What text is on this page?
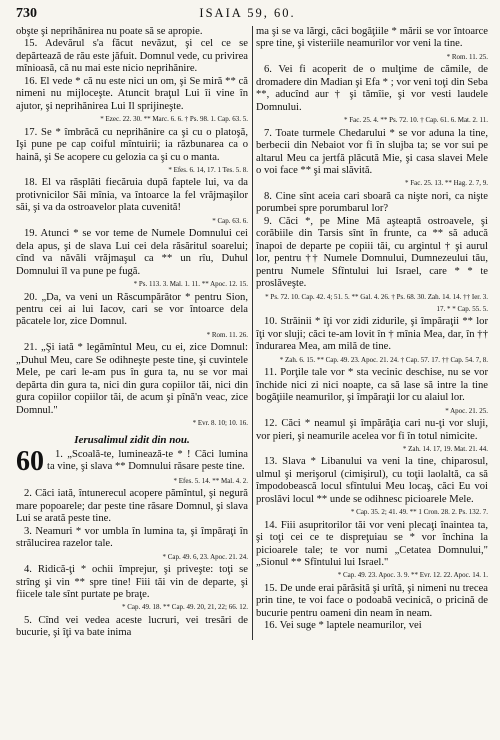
730	ISAIA 59, 60.

obşte şi neprihănirea nu poate să se apropie.

15. Adevărul s'a făcut nevăzut, şi cel ce se depărtează de rău este jăfuit. Domnul vede, cu privirea mînioasă, că nu mai este nicio neprihănire.

16. El vede * că nu este nici un om, şi Se miră ** că nimeni nu mijloceşte. Atuncit braţul Lui îi vine în ajutor, şi neprihănirea Lui Il sprijineşte.

* Ezec. 22. 30. ** Marc. 6. 6. † Ps. 98. 1. Cap. 63. 5.

17. Se * îmbrăcă cu neprihănire ca şi cu o platoşă, Işi pune pe cap coiful mîntuirii; ia răzbunarea ca o haină, şi Se acopere cu gelozia ca şi cu o manta.

* Efes. 6. 14, 17. 1 Tes. 5. 8.

18. El va răsplăti fiecăruia după faptele lui, va da protivnicilor Săi mînia, va întoarce la fel vrăjmaşilor săi, şi va da ostroavelor plata cuvenită!

* Cap. 63. 6.

19. Atunci * se vor teme de Numele Domnului cei dela apus, şi de slava Lui cei dela răsăritul soarelui; cînd va năvăli vrăjmaşul ca ** un rîu, Duhul Domnului îl va pune pe fugă.

* Ps. 113. 3. Mal. 1. 11. ** Apoc. 12. 15.

20. „Da, va veni un Răscumpărător * pentru Sion, pentru cei ai lui Iacov, cari se vor întoarce dela păcatele lor, zice Domnul.

* Rom. 11. 26.

21. „Şi iată * legămîntul Meu, cu ei, zice Domnul: „Duhul Meu, care Se odihneşte peste tine, şi cuvintele Mele, pe cari le-am pus în gura ta, nu se vor mai depărta din gura ta, nici din gura copiilor tăi, nici din gura copiilor copiilor tăi, de acum şi pînă'n veac, zice Domnul."

* Evr. 8. 10; 10. 16.
Ierusalimul zidit din nou.
60	1. „Scoală-te, luminează-te * ! Căci lumina ta vine, şi slava ** Domnului răsare peste tine.

* Efes. 5. 14. ** Mal. 4. 2.

2. Căci iată, întunerecul acopere pămîntul, şi negură mare popoarele; dar peste tine răsare Domnul, şi slava Lui se arată peste tine.

3. Neamuri * vor umbla în lumina ta, şi împăraţi în strălucirea razelor tale.

* Cap. 49. 6, 23. Apoc. 21. 24.

4. Ridică-ţi * ochii împrejur, şi priveşte: toţi se strîng şi vin ** spre tine! Fiii tăi vin de departe, şi fiicele tale sînt purtate pe braţe.

* Cap. 49. 18. ** Cap. 49. 20, 21, 22; 66. 12.

5. Cînd vei vedea aceste lucruri, vei tresări de bucurie, şi îţi va bate inima

ma şi se va lărgi, căci bogăţiile * mării se vor întoarce spre tine, şi visteriile neamurilor vor veni la tine.

* Rom. 11. 25.

6. Vei fi acoperit de o mulţime de cămile, de dromadere din Madian şi Efa * ; vor veni toţi din Seba **, aducînd aur † şi tămîie, şi vor vesti laudele Domnului.

* Fac. 25. 4. ** Ps. 72. 10. † Cap. 61. 6. Mat. 2. 11.

7. Toate turmele Chedarului * se vor aduna la tine, berbecii din Nebaiot vor fi în slujba ta; se vor sui pe altarul Meu ca jertfă plăcută Mie, şi casa slavei Mele o voi face ** şi mai slăvită.

* Fac. 25. 13. ** Hag. 2. 7, 9.

8. Cine sînt aceia cari sboară ca nişte nori, ca nişte porumbei spre porumbarul lor?

9. Căci *, pe Mine Mă aşteaptă ostroavele, şi corăbiile din Tarsis sînt în frunte, ca ** să aducă înapoi de departe pe copiii tăi, cu argintul † şi aurul lor, pentru †† Numele Domnului, Dumnezeului tău, pentru Numele Sfîntului lui Israel, care * * te proslăveşte.

* Ps. 72. 10. Cap. 42. 4; 51. 5. ** Gal. 4. 26. † Ps. 68. 30. Zah. 14. 14. †† Ier. 3. 17. * * Cap. 55. 5.

10. Străinii * îţi vor zidi zidurile, şi împăraţii ** lor îţi vor sluji; căci te-am lovit în † mînia Mea, dar, în †† îndurarea Mea, am milă de tine.

* Zah. 6. 15. ** Cap. 49. 23. Apoc. 21. 24. † Cap. 57. 17. †† Cap. 54. 7, 8.

11. Porţile tale vor * sta vecinic deschise, nu se vor închide nici zi nici noapte, ca să lase să intre la tine bogăţiile neamurilor, şi împăraţii lor cu alaiul lor.

* Apoc. 21. 25.

12. Căci * neamul şi împărăţia cari nu-ţi vor sluji, vor pieri, şi neamurile acelea vor fi în totul nimicite.

* Zah. 14. 17, 19. Mat. 21. 44.

13. Slava * Libanului va veni la tine, chiparosul, ulmul şi merişorul (cimişirul), cu toţii laolaltă, ca să împodobească locul sfîntului Meu locaş, căci Eu voi proslăvi locul ** unde se odihnesc picioarele Mele.

* Cap. 35. 2; 41. 49. ** 1 Cron. 28. 2. Ps. 132. 7.

14. Fiii asupritorilor tăi vor veni plecaţi înaintea ta, şi toţi cei ce te dispreţuiau se * vor închina la picioarele tale; te vor numi „Cetatea Domnului," „Sionul ** Sfîntului lui Israel."

* Cap. 49. 23. Apoc. 3. 9. ** Evr. 12. 22. Apoc. 14. 1.

15. De unde erai părăsită şi urîtă, şi nimeni nu trecea prin tine, te voi face o podoabă vecinică, o pricină de bucurie pentru oameni din neam în neam.

16. Vei suge * laptele neamurilor, vei
